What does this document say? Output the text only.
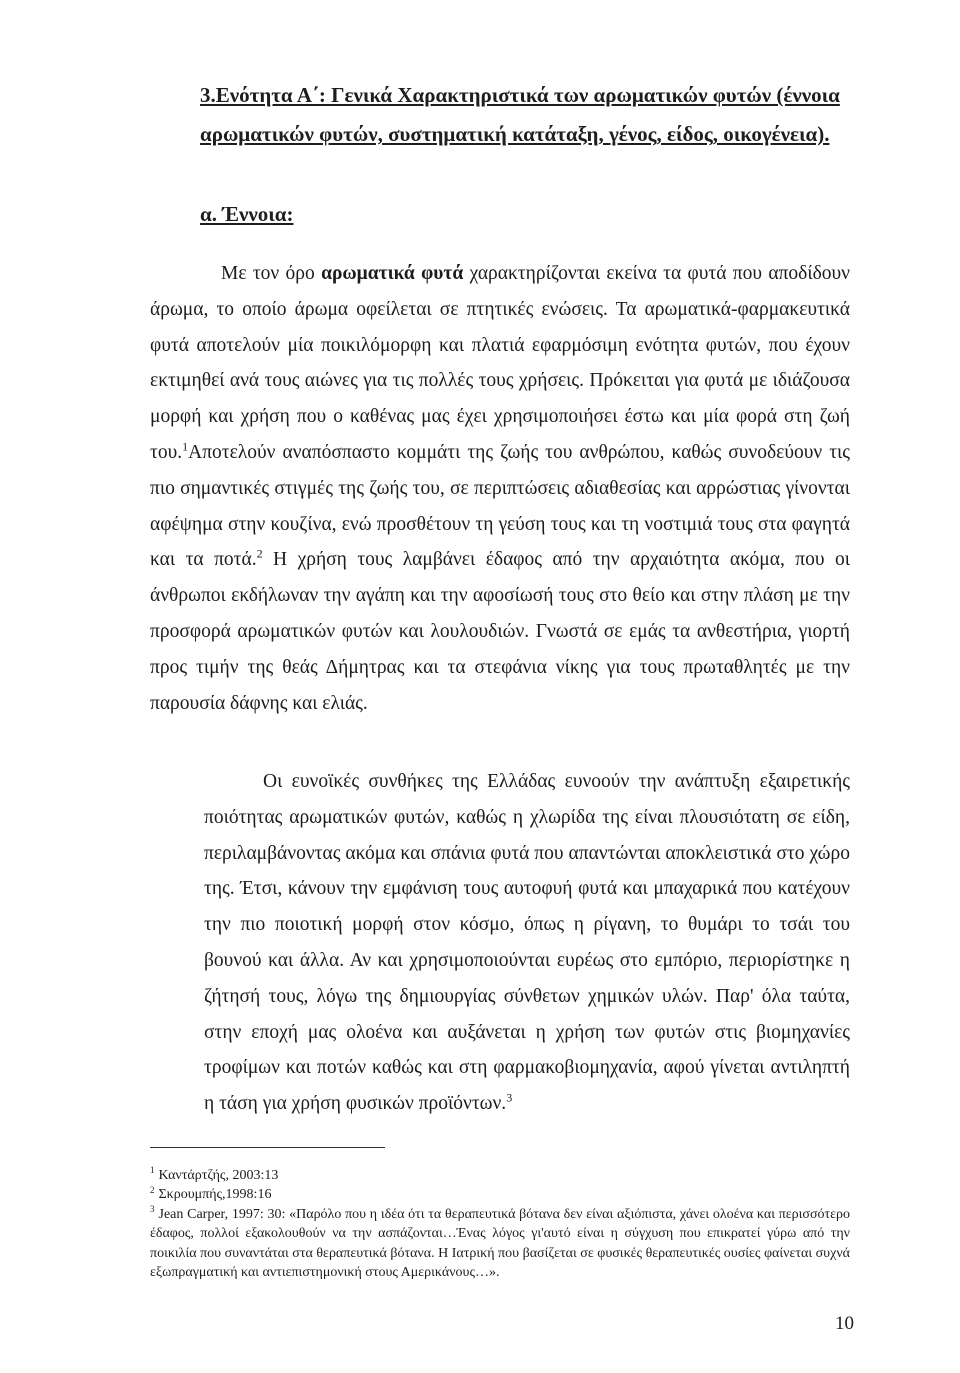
3.Ενότητα Α΄: Γενικά Χαρακτηριστικά των αρωματικών φυτών (έννοια αρωματικών φυτών, συστηματική κατάταξη, γένος, είδος, οικογένεια).
α. Έννοια:

Με τον όρο αρωματικά φυτά χαρακτηρίζονται εκείνα τα φυτά που αποδίδουν άρωμα, το οποίο άρωμα οφείλεται σε πτητικές ενώσεις. Τα αρωματικά-φαρμακευτικά φυτά αποτελούν μία ποικιλόμορφη και πλατιά εφαρμόσιμη ενότητα φυτών, που έχουν εκτιμηθεί ανά τους αιώνες για τις πολλές τους χρήσεις. Πρόκειται για φυτά με ιδιάζουσα μορφή και χρήση που ο καθένας μας έχει χρησιμοποιήσει έστω και μία φορά στη ζωή του.$^1$Αποτελούν αναπόσπαστο κομμάτι της ζωής του ανθρώπου, καθώς συνοδεύουν τις πιο σημαντικές στιγμές της ζωής του, σε περιπτώσεις αδιαθεσίας και αρρώστιας γίνονται αφέψημα στην κουζίνα, ενώ προσθέτουν τη γεύση τους και τη νοστιμιά τους στα φαγητά και τα ποτά.$^2$ Η χρήση τους λαμβάνει έδαφος από την αρχαιότητα ακόμα, που οι άνθρωποι εκδήλωναν την αγάπη και την αφοσίωσή τους στο θείο και στην πλάση με την προσφορά αρωματικών φυτών και λουλουδιών. Γνωστά σε εμάς τα ανθεστήρια, γιορτή προς τιμήν της θεάς Δήμητρας και τα στεφάνια νίκης για τους πρωταθλητές με την παρουσία δάφνης και ελιάς.

Οι ευνοϊκές συνθήκες της Ελλάδας ευνοούν την ανάπτυξη εξαιρετικής ποιότητας αρωματικών φυτών, καθώς η χλωρίδα της είναι πλουσιότατη σε είδη, περιλαμβάνοντας ακόμα και σπάνια φυτά που απαντώνται αποκλειστικά στο χώρο της. Έτσι, κάνουν την εμφάνιση τους αυτοφυή φυτά και μπαχαρικά που κατέχουν την πιο ποιοτική μορφή στον κόσμο, όπως η ρίγανη, το θυμάρι το τσάι του βουνού και άλλα. Αν και χρησιμοποιούνται ευρέως στο εμπόριο, περιορίστηκε η ζήτησή τους, λόγω της δημιουργίας σύνθετων χημικών υλών. Παρ' όλα ταύτα, στην εποχή μας ολοένα και αυξάνεται η χρήση των φυτών στις βιομηχανίες τροφίμων και ποτών καθώς και στη φαρμακοβιομηχανία, αφού γίνεται αντιληπτή η τάση για χρήση φυσικών προϊόντων.$^3$

$^1$ Καντάρτζής, 2003:13
$^2$ Σκρουμπής,1998:16
$^3$ Jean Carper, 1997: 30: «Παρόλο που η ιδέα ότι τα θεραπευτικά βότανα δεν είναι αξιόπιστα, χάνει ολοένα και περισσότερο έδαφος, πολλοί εξακολουθούν να την ασπάζονται…Ένας λόγος γι'αυτό είναι η σύγχυση που επικρατεί γύρω από την ποικιλία που συναντάται στα θεραπευτικά βότανα. Η Ιατρική που βασίζεται σε φυσικές θεραπευτικές ουσίες φαίνεται συχνά εξωπραγματική και αντιεπιστημονική στους Αμερικάνους…».
10
